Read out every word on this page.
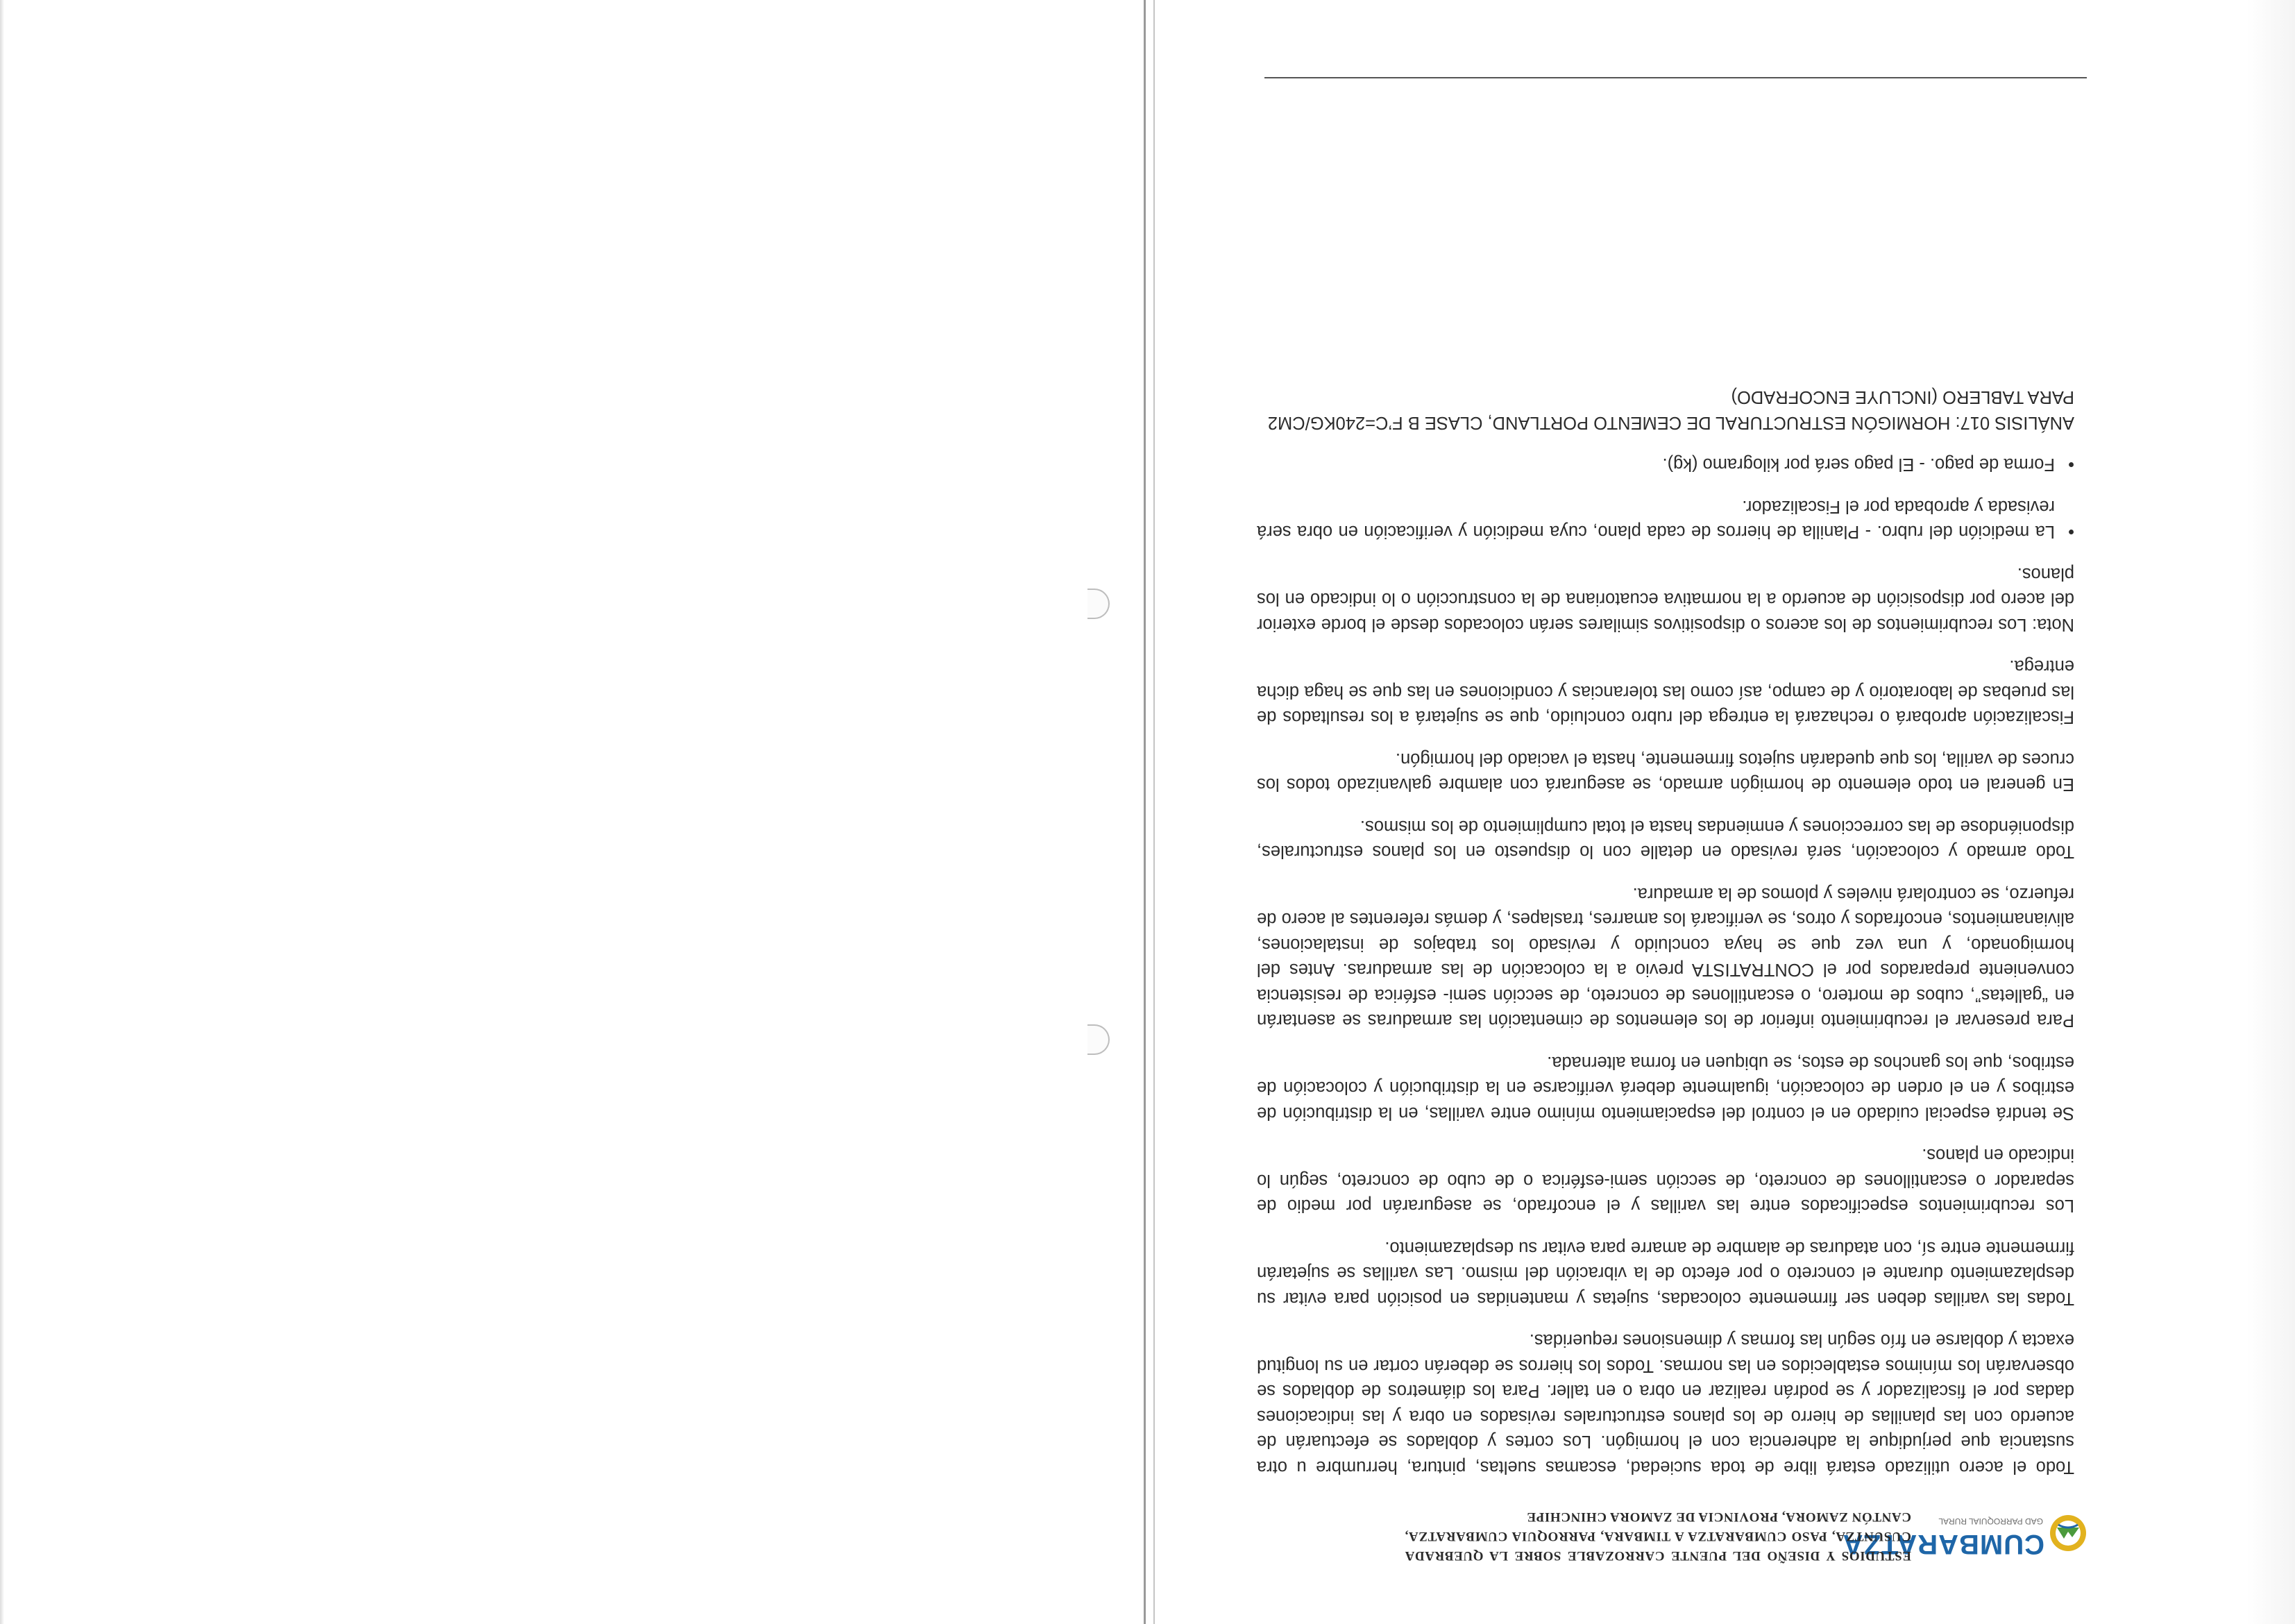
CUMBARATZA
GAD PARROQUIAL RURAL
ESTUDIOS Y DISEÑO DEL PUENTE CARROZABLE SOBRE LA QUEBRADA CUSUNTZA, PASO CUMBARATZA A TIMBARA, PARROQUIA CUMBARATZA, CANTÓN ZAMORA, PROVINCIA DE ZAMORA CHINCHIPE

Todo el acero utilizado estará libre de toda suciedad, escamas sueltas, pintura, herrumbre u otra sustancia que perjudique la adherencia con el hormigón. Los cortes y doblados se efectuarán de acuerdo con las planillas de hierro de los planos estructurales revisados en obra y las indicaciones dadas por el fiscalizador y se podrán realizar en obra o en taller. Para los diámetros de doblados se observarán los mínimos establecidos en las normas. Todos los hierros se deberán cortar en su longitud exacta y doblarse en frío según las formas y dimensiones requeridas.

Todas las varillas deben ser firmemente colocadas, sujetas y mantenidas en posición para evitar su desplazamiento durante el concreto o por efecto de la vibración del mismo. Las varillas se sujetarán firmemente entre sí, con ataduras de alambre de amarre para evitar su desplazamiento.

Los recubrimientos especificados entre las varillas y el encofrado, se asegurarán por medio de separador o escantillones de concreto, de sección semi-esférica o de cubo de concreto, según lo indicado en planos.

Se tendrá especial cuidado en el control del espaciamiento mínimo entre varillas, en la distribución de estribos y en el orden de colocación, igualmente deberá verificarse en la distribución y colocación de estribos, que los ganchos de estos, se ubiquen en forma alternada.

Para preservar el recubrimiento inferior de los elementos de cimentación las armaduras se asentarán en “galletas”, cubos de mortero, o escantillones de concreto, de sección semi- esférica de resistencia conveniente preparados por el CONTRATISTA previo a la colocación de las armaduras. Antes del hormigonado, y una vez que se haya concluido y revisado los trabajos de instalaciones, alivianamientos, encofrados y otros, se verificará los amarres, traslapes, y demás referentes al acero de refuerzo, se controlará niveles y plomos de la armadura.

Todo armado y colocación, será revisado en detalle con lo dispuesto en los planos estructurales, disponiéndose de las correcciones y enmiendas hasta el total cumplimiento de los mismos.

En general en todo elemento de hormigón armado, se asegurará con alambre galvanizado todos los cruces de varilla, los que quedarán sujetos firmemente, hasta el vaciado del hormigón.

Fiscalización aprobará o rechazará la entrega del rubro concluido, que se sujetará a los resultados de las pruebas de laboratorio y de campo, así como las tolerancias y condiciones en las que se haga dicha entrega.

Nota: Los recubrimientos de los aceros o dispositivos similares serán colocados desde el borde exterior del acero por disposición de acuerdo a la normativa ecuatoriana de la construcción o lo indicado en los planos.

• La medición del rubro. - Planilla de hierros de cada plano, cuya medición y verificación en obra será revisada y aprobada por el Fiscalizador.
• Forma de pago. - El pago será por kilogramo (kg).

ANÁLISIS 017: HORMIGÓN ESTRUCTURAL DE CEMENTO PORTLAND, CLASE B F’C=240KG/CM2 PARA TABLERO (INCLUYE ENCOFRADO)
